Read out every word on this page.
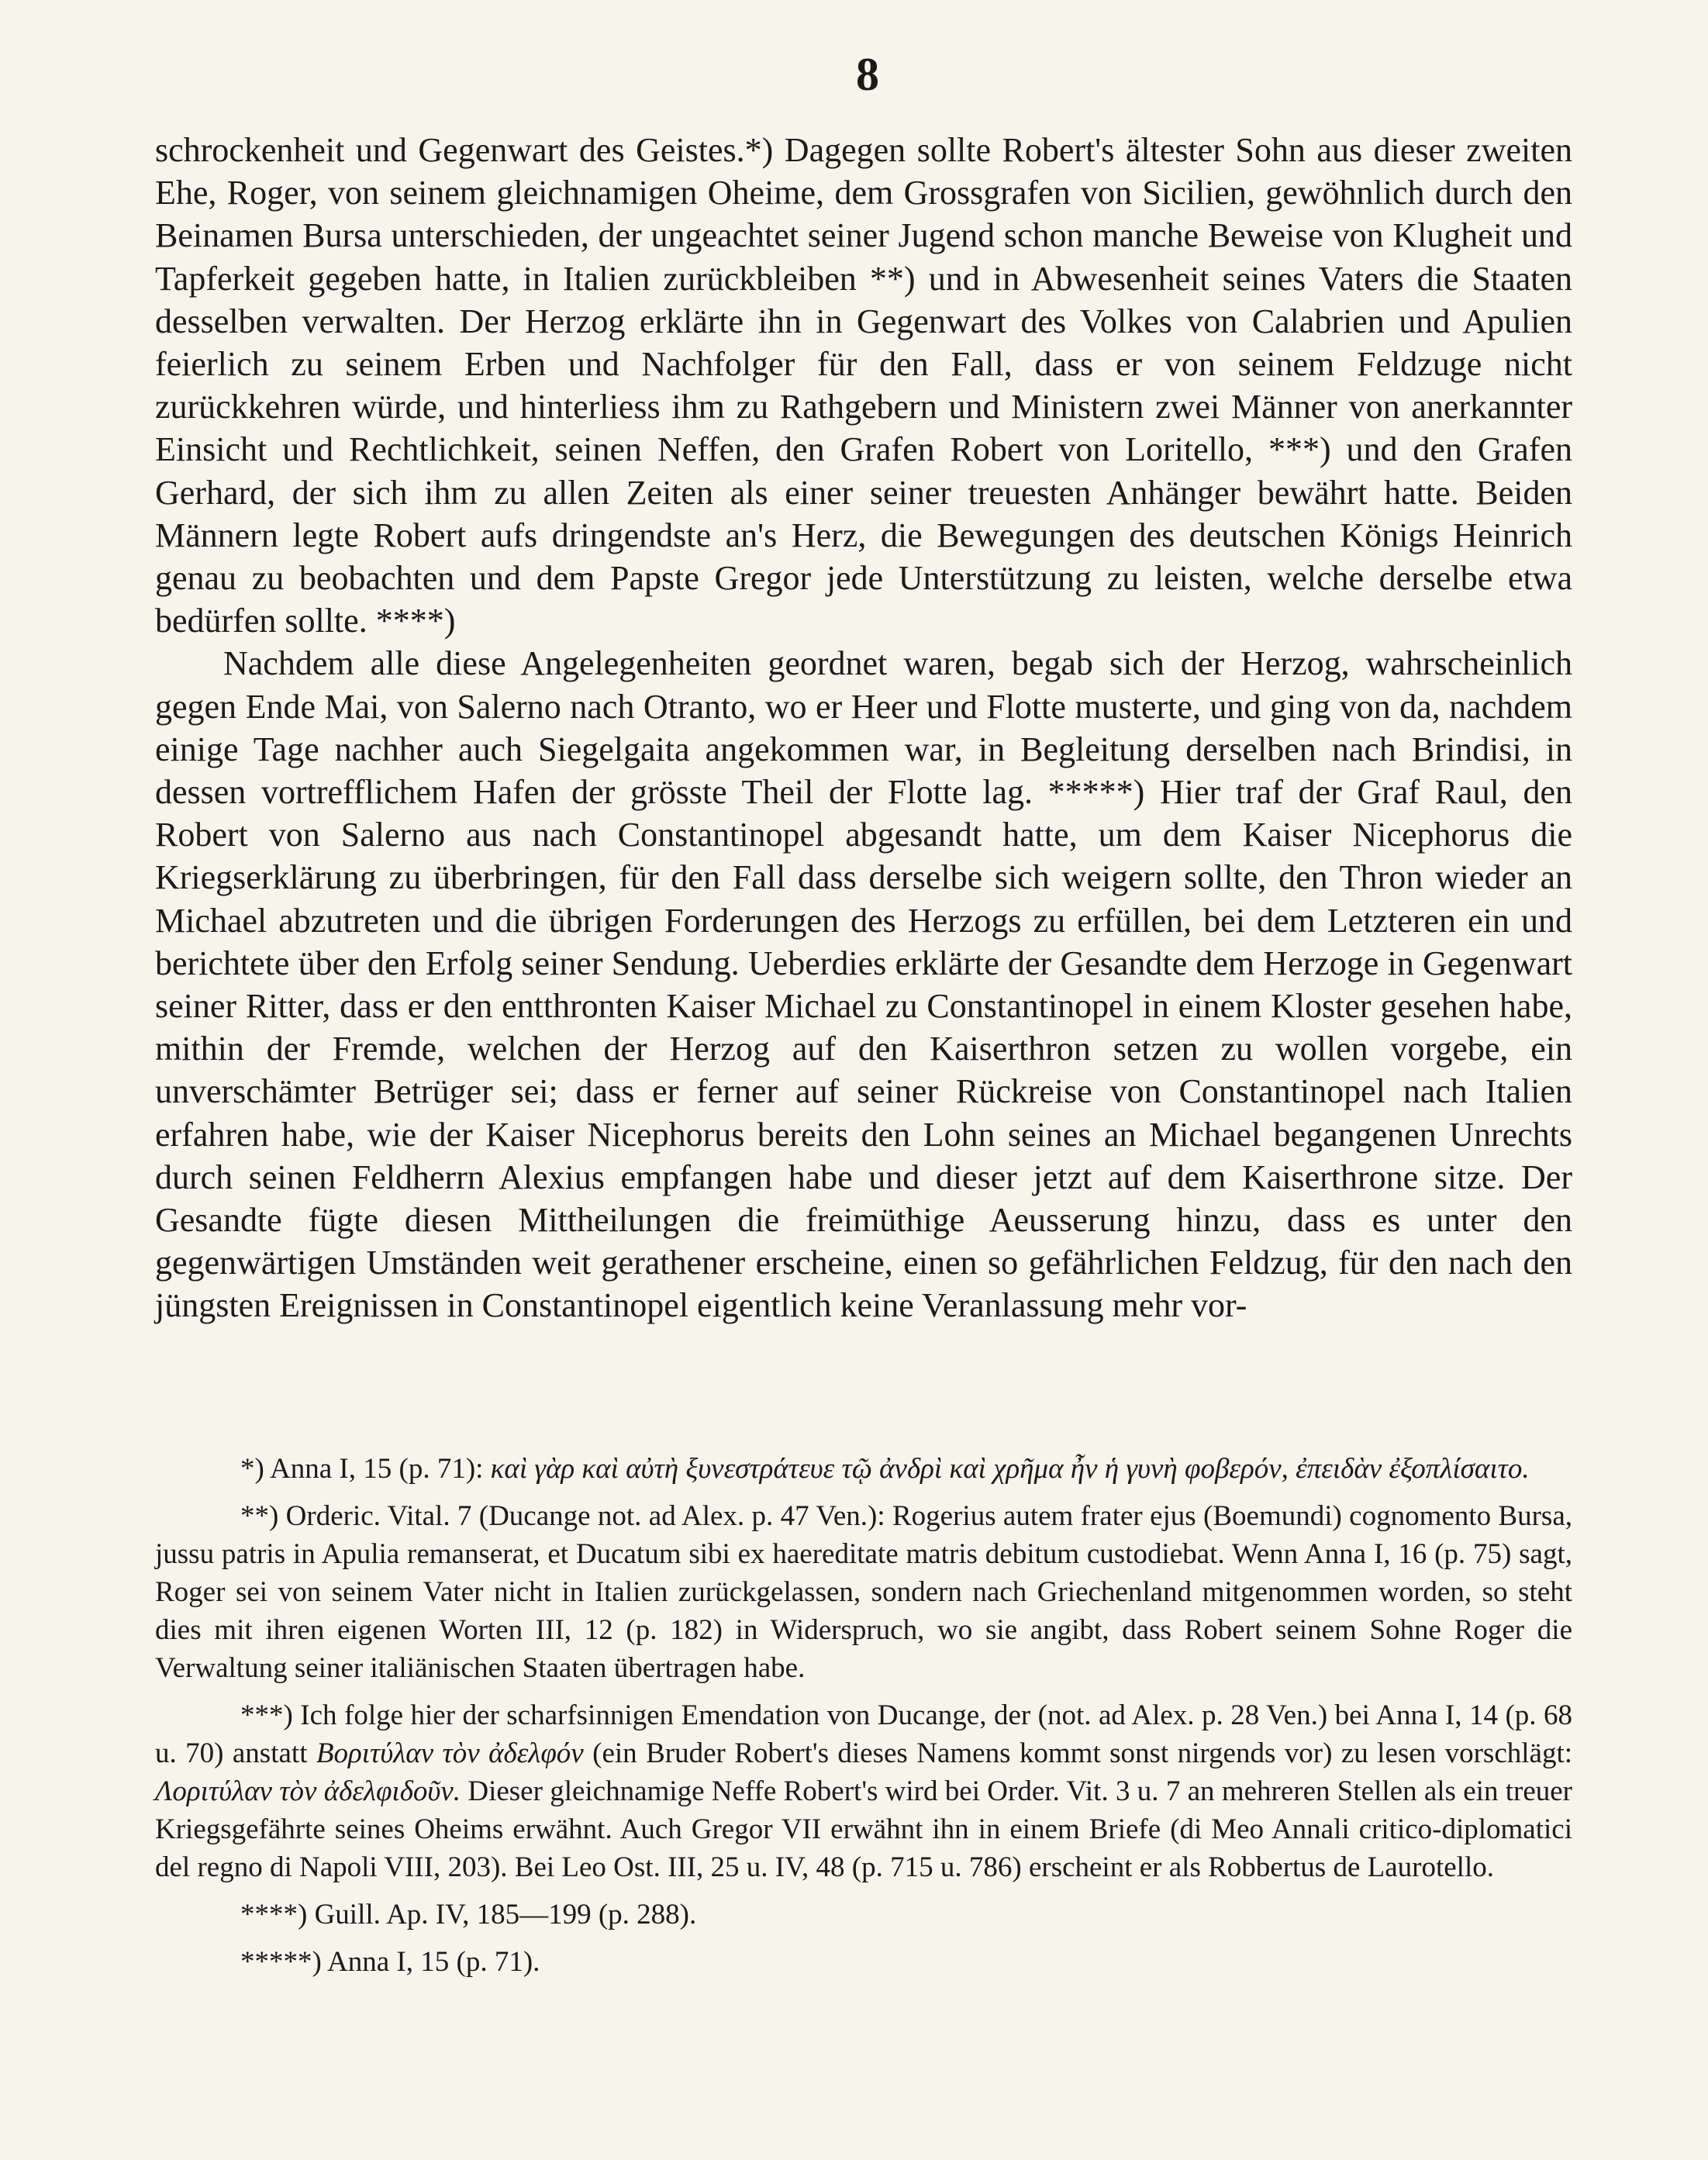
8

schrockenheit und Gegenwart des Geistes.*) Dagegen sollte Robert's ältester Sohn aus dieser zweiten Ehe, Roger, von seinem gleichnamigen Oheime, dem Grossgrafen von Sicilien, gewöhnlich durch den Beinamen Bursa unterschieden, der ungeachtet seiner Jugend schon manche Beweise von Klugheit und Tapferkeit gegeben hatte, in Italien zurückbleiben **) und in Abwesenheit seines Vaters die Staaten desselben verwalten. Der Herzog erklärte ihn in Gegenwart des Volkes von Calabrien und Apulien feierlich zu seinem Erben und Nachfolger für den Fall, dass er von seinem Feldzuge nicht zurückkehren würde, und hinterliess ihm zu Rathgebern und Ministern zwei Männer von anerkannter Einsicht und Rechtlichkeit, seinen Neffen, den Grafen Robert von Loritello, ***) und den Grafen Gerhard, der sich ihm zu allen Zeiten als einer seiner treuesten Anhänger bewährt hatte. Beiden Männern legte Robert aufs dringendste an's Herz, die Bewegungen des deutschen Königs Heinrich genau zu beobachten und dem Papste Gregor jede Unterstützung zu leisten, welche derselbe etwa bedürfen sollte. ****)

Nachdem alle diese Angelegenheiten geordnet waren, begab sich der Herzog, wahrscheinlich gegen Ende Mai, von Salerno nach Otranto, wo er Heer und Flotte musterte, und ging von da, nachdem einige Tage nachher auch Siegelgaita angekommen war, in Begleitung derselben nach Brindisi, in dessen vortrefflichem Hafen der grösste Theil der Flotte lag. *****) Hier traf der Graf Raul, den Robert von Salerno aus nach Constantinopel abgesandt hatte, um dem Kaiser Nicephorus die Kriegserklärung zu überbringen, für den Fall dass derselbe sich weigern sollte, den Thron wieder an Michael abzutreten und die übrigen Forderungen des Herzogs zu erfüllen, bei dem Letzteren ein und berichtete über den Erfolg seiner Sendung. Ueberdies erklärte der Gesandte dem Herzoge in Gegenwart seiner Ritter, dass er den entthronten Kaiser Michael zu Constantinopel in einem Kloster gesehen habe, mithin der Fremde, welchen der Herzog auf den Kaiserthron setzen zu wollen vorgebe, ein unverschämter Betrüger sei; dass er ferner auf seiner Rückreise von Constantinopel nach Italien erfahren habe, wie der Kaiser Nicephorus bereits den Lohn seines an Michael begangenen Unrechts durch seinen Feldherrn Alexius empfangen habe und dieser jetzt auf dem Kaiserthrone sitze. Der Gesandte fügte diesen Mittheilungen die freimüthige Aeusserung hinzu, dass es unter den gegenwärtigen Umständen weit gerathener erscheine, einen so gefährlichen Feldzug, für den nach den jüngsten Ereignissen in Constantinopel eigentlich keine Veranlassung mehr vor-

*) Anna I, 15 (p. 71): καὶ γὰρ καὶ αὐτὴ ξυνεστράτευε τῷ ἀνδρὶ καὶ χρῆμα ἦν ἡ γυνὴ φοβερόν, ἐπειδὰν ἐξοπλίσαιτο.

**) Orderic. Vital. 7 (Ducange not. ad Alex. p. 47 Ven.): Rogerius autem frater ejus (Boemundi) cognomento Bursa, jussu patris in Apulia remanserat, et Ducatum sibi ex haereditate matris debitum custodiebat. Wenn Anna I, 16 (p. 75) sagt, Roger sei von seinem Vater nicht in Italien zurückgelassen, sondern nach Griechenland mitgenommen worden, so steht dies mit ihren eigenen Worten III, 12 (p. 182) in Widerspruch, wo sie angibt, dass Robert seinem Sohne Roger die Verwaltung seiner italiänischen Staaten übertragen habe.

***) Ich folge hier der scharfsinnigen Emendation von Ducange, der (not. ad Alex. p. 28 Ven.) bei Anna I, 14 (p. 68 u. 70) anstatt Βοριτύλαν τὸν ἀδελφόν (ein Bruder Robert's dieses Namens kommt sonst nirgends vor) zu lesen vorschlägt: Λοριτύλαν τὸν ἀδελφιδοῦν. Dieser gleichnamige Neffe Robert's wird bei Order. Vit. 3 u. 7 an mehreren Stellen als ein treuer Kriegsgefährte seines Oheims erwähnt. Auch Gregor VII erwähnt ihn in einem Briefe (di Meo Annali critico-diplomatici del regno di Napoli VIII, 203). Bei Leo Ost. III, 25 u. IV, 48 (p. 715 u. 786) erscheint er als Robbertus de Laurotello.

****) Guill. Ap. IV, 185—199 (p. 288).

*****) Anna I, 15 (p. 71).
